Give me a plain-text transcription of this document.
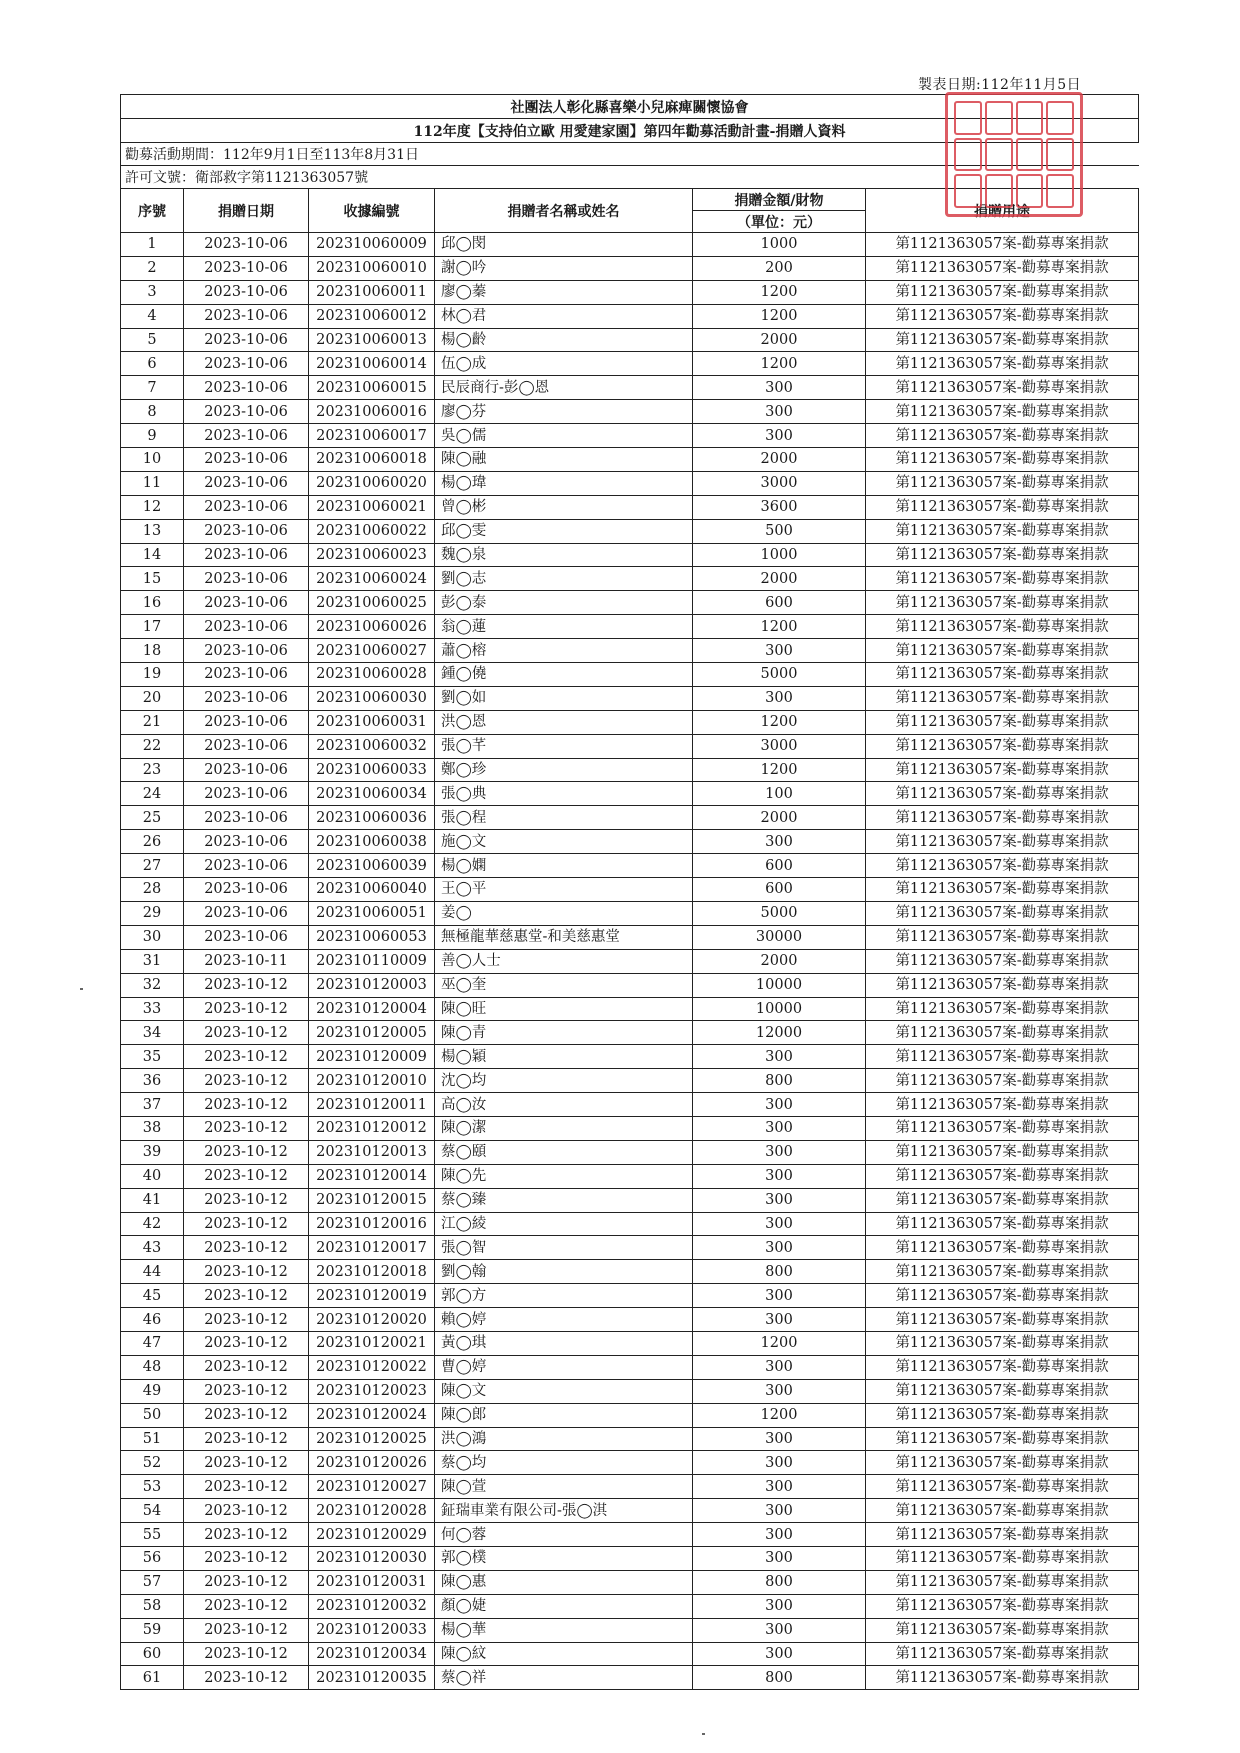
製表日期:112年11月5日
社團法人彰化縣喜樂小兒麻痺關懷協會					
112年度【支持伯立歐 用愛建家園】第四年勸募活動計畫-捐贈人資料					
勸募活動期間：112年9月1日至113年8月31日					
許可文號：衛部救字第1121363057號					
序號	捐贈日期	收據編號	捐贈者名稱或姓名	捐贈金額/財物	捐贈用途
				（單位：元）	
1	2023-10-06	202310060009	邱◯閔	1000	第1121363057案-勸募專案捐款
2	2023-10-06	202310060010	謝◯吟	200	第1121363057案-勸募專案捐款
3	2023-10-06	202310060011	廖◯蓁	1200	第1121363057案-勸募專案捐款
4	2023-10-06	202310060012	林◯君	1200	第1121363057案-勸募專案捐款
5	2023-10-06	202310060013	楊◯齡	2000	第1121363057案-勸募專案捐款
6	2023-10-06	202310060014	伍◯成	1200	第1121363057案-勸募專案捐款
7	2023-10-06	202310060015	民辰商行-彭◯恩	300	第1121363057案-勸募專案捐款
8	2023-10-06	202310060016	廖◯芬	300	第1121363057案-勸募專案捐款
9	2023-10-06	202310060017	吳◯儒	300	第1121363057案-勸募專案捐款
10	2023-10-06	202310060018	陳◯融	2000	第1121363057案-勸募專案捐款
11	2023-10-06	202310060020	楊◯瑋	3000	第1121363057案-勸募專案捐款
12	2023-10-06	202310060021	曾◯彬	3600	第1121363057案-勸募專案捐款
13	2023-10-06	202310060022	邱◯雯	500	第1121363057案-勸募專案捐款
14	2023-10-06	202310060023	魏◯泉	1000	第1121363057案-勸募專案捐款
15	2023-10-06	202310060024	劉◯志	2000	第1121363057案-勸募專案捐款
16	2023-10-06	202310060025	彭◯泰	600	第1121363057案-勸募專案捐款
17	2023-10-06	202310060026	翁◯蓮	1200	第1121363057案-勸募專案捐款
18	2023-10-06	202310060027	蕭◯榕	300	第1121363057案-勸募專案捐款
19	2023-10-06	202310060028	鍾◯僥	5000	第1121363057案-勸募專案捐款
20	2023-10-06	202310060030	劉◯如	300	第1121363057案-勸募專案捐款
21	2023-10-06	202310060031	洪◯恩	1200	第1121363057案-勸募專案捐款
22	2023-10-06	202310060032	張◯芊	3000	第1121363057案-勸募專案捐款
23	2023-10-06	202310060033	鄭◯珍	1200	第1121363057案-勸募專案捐款
24	2023-10-06	202310060034	張◯典	100	第1121363057案-勸募專案捐款
25	2023-10-06	202310060036	張◯程	2000	第1121363057案-勸募專案捐款
26	2023-10-06	202310060038	施◯文	300	第1121363057案-勸募專案捐款
27	2023-10-06	202310060039	楊◯嫻	600	第1121363057案-勸募專案捐款
28	2023-10-06	202310060040	王◯平	600	第1121363057案-勸募專案捐款
29	2023-10-06	202310060051	姜◯	5000	第1121363057案-勸募專案捐款
30	2023-10-06	202310060053	無極龍華慈惠堂-和美慈惠堂	30000	第1121363057案-勸募專案捐款
31	2023-10-11	202310110009	善◯人士	2000	第1121363057案-勸募專案捐款
32	2023-10-12	202310120003	巫◯奎	10000	第1121363057案-勸募專案捐款
33	2023-10-12	202310120004	陳◯旺	10000	第1121363057案-勸募專案捐款
34	2023-10-12	202310120005	陳◯青	12000	第1121363057案-勸募專案捐款
35	2023-10-12	202310120009	楊◯穎	300	第1121363057案-勸募專案捐款
36	2023-10-12	202310120010	沈◯均	800	第1121363057案-勸募專案捐款
37	2023-10-12	202310120011	高◯汝	300	第1121363057案-勸募專案捐款
38	2023-10-12	202310120012	陳◯潔	300	第1121363057案-勸募專案捐款
39	2023-10-12	202310120013	蔡◯頤	300	第1121363057案-勸募專案捐款
40	2023-10-12	202310120014	陳◯先	300	第1121363057案-勸募專案捐款
41	2023-10-12	202310120015	蔡◯臻	300	第1121363057案-勸募專案捐款
42	2023-10-12	202310120016	江◯綾	300	第1121363057案-勸募專案捐款
43	2023-10-12	202310120017	張◯智	300	第1121363057案-勸募專案捐款
44	2023-10-12	202310120018	劉◯翰	800	第1121363057案-勸募專案捐款
45	2023-10-12	202310120019	郭◯方	300	第1121363057案-勸募專案捐款
46	2023-10-12	202310120020	賴◯婷	300	第1121363057案-勸募專案捐款
47	2023-10-12	202310120021	黃◯琪	1200	第1121363057案-勸募專案捐款
48	2023-10-12	202310120022	曹◯婷	300	第1121363057案-勸募專案捐款
49	2023-10-12	202310120023	陳◯文	300	第1121363057案-勸募專案捐款
50	2023-10-12	202310120024	陳◯郎	1200	第1121363057案-勸募專案捐款
51	2023-10-12	202310120025	洪◯鴻	300	第1121363057案-勸募專案捐款
52	2023-10-12	202310120026	蔡◯均	300	第1121363057案-勸募專案捐款
53	2023-10-12	202310120027	陳◯萱	300	第1121363057案-勸募專案捐款
54	2023-10-12	202310120028	鉦瑞車業有限公司-張◯淇	300	第1121363057案-勸募專案捐款
55	2023-10-12	202310120029	何◯蓉	300	第1121363057案-勸募專案捐款
56	2023-10-12	202310120030	郭◯樸	300	第1121363057案-勸募專案捐款
57	2023-10-12	202310120031	陳◯惠	800	第1121363057案-勸募專案捐款
58	2023-10-12	202310120032	顏◯婕	300	第1121363057案-勸募專案捐款
59	2023-10-12	202310120033	楊◯華	300	第1121363057案-勸募專案捐款
60	2023-10-12	202310120034	陳◯紋	300	第1121363057案-勸募專案捐款
61	2023-10-12	202310120035	蔡◯祥	800	第1121363057案-勸募專案捐款
